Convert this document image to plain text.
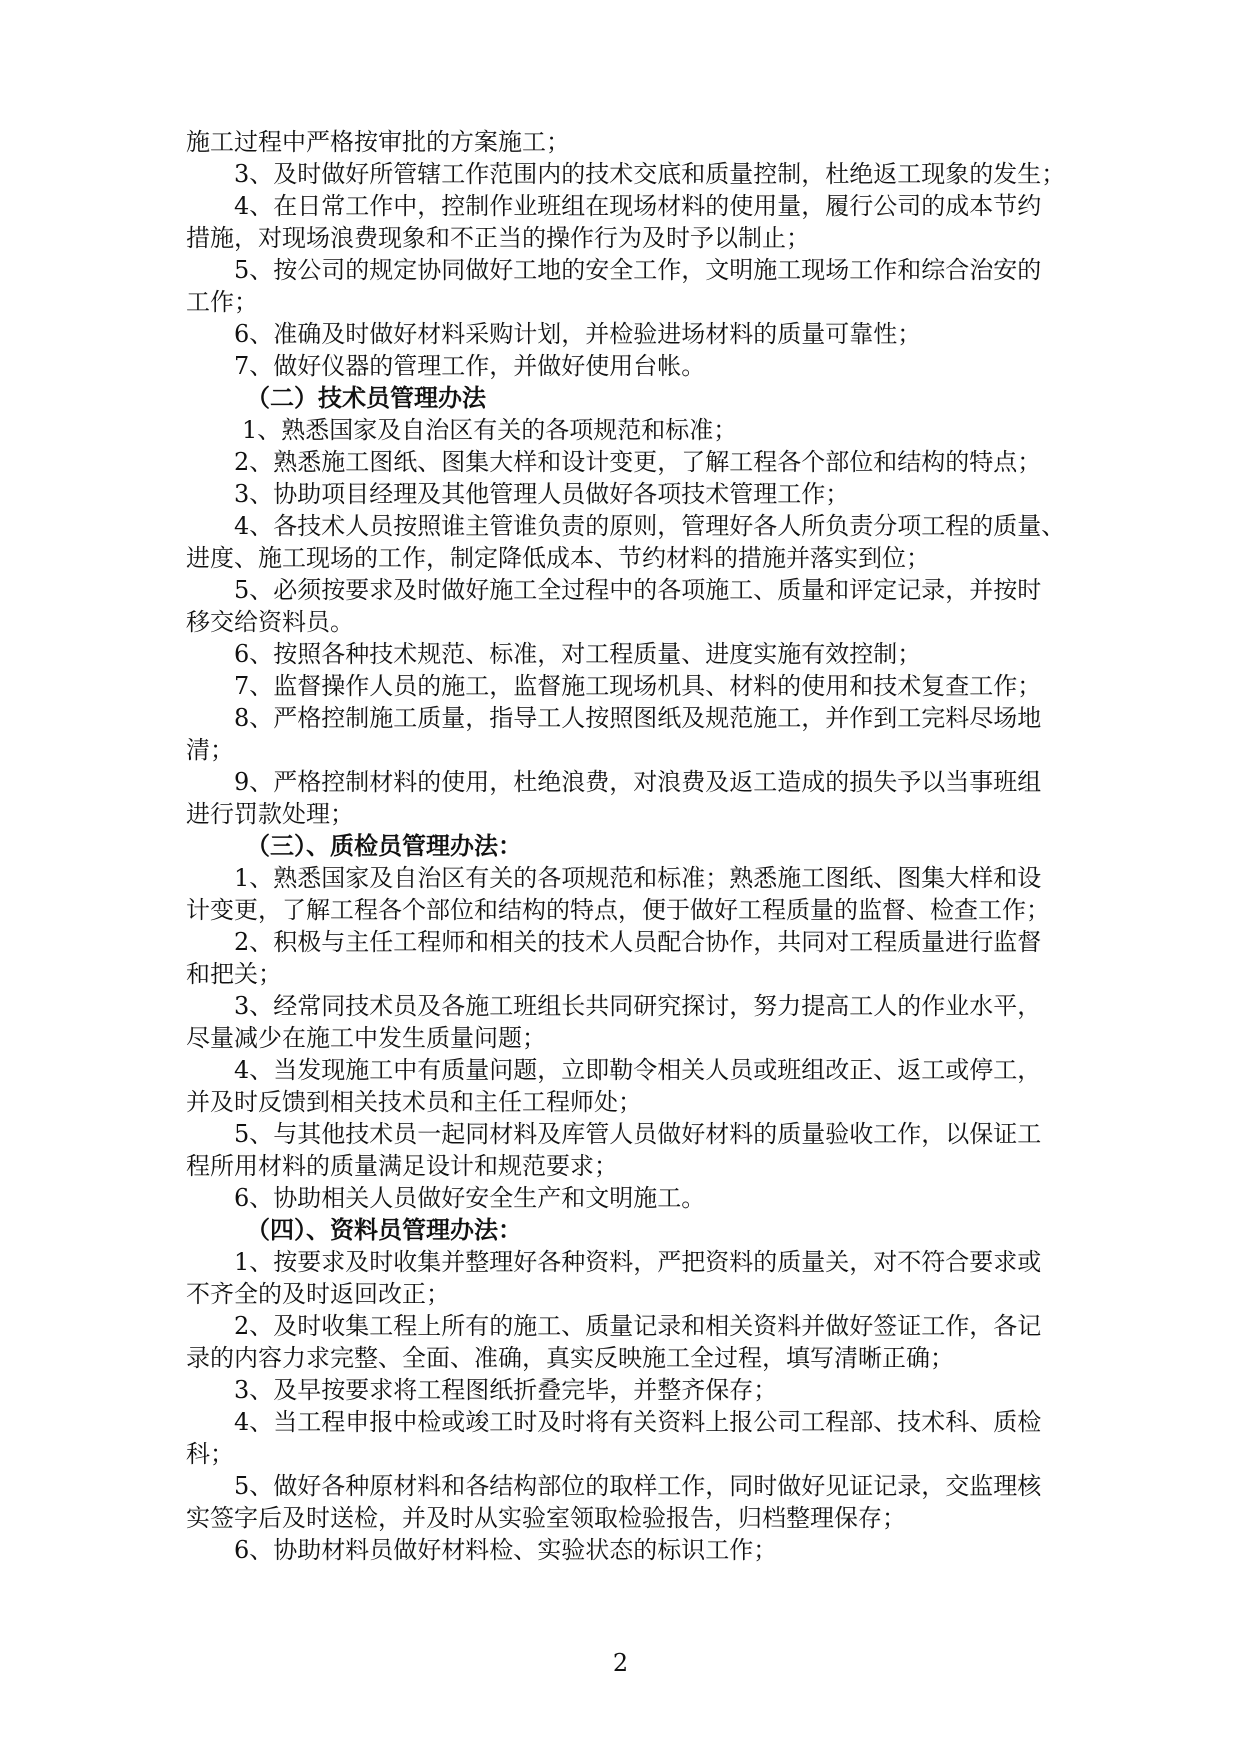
施工过程中严格按审批的方案施工；
3、及时做好所管辖工作范围内的技术交底和质量控制，杜绝返工现象的发生；
4、在日常工作中，控制作业班组在现场材料的使用量，履行公司的成本节约
措施，对现场浪费现象和不正当的操作行为及时予以制止；
5、按公司的规定协同做好工地的安全工作，文明施工现场工作和综合治安的
工作；
6、准确及时做好材料采购计划，并检验进场材料的质量可靠性；
7、做好仪器的管理工作，并做好使用台帐。
（二）技术员管理办法
1、熟悉国家及自治区有关的各项规范和标准；
2、熟悉施工图纸、图集大样和设计变更，了解工程各个部位和结构的特点；
3、协助项目经理及其他管理人员做好各项技术管理工作；
4、各技术人员按照谁主管谁负责的原则，管理好各人所负责分项工程的质量、
进度、施工现场的工作，制定降低成本、节约材料的措施并落实到位；
5、必须按要求及时做好施工全过程中的各项施工、质量和评定记录，并按时
移交给资料员。
6、按照各种技术规范、标准，对工程质量、进度实施有效控制；
7、监督操作人员的施工，监督施工现场机具、材料的使用和技术复查工作；
8、严格控制施工质量，指导工人按照图纸及规范施工，并作到工完料尽场地
清；
9、严格控制材料的使用，杜绝浪费，对浪费及返工造成的损失予以当事班组
进行罚款处理；
（三）、质检员管理办法：
1、熟悉国家及自治区有关的各项规范和标准；熟悉施工图纸、图集大样和设
计变更，了解工程各个部位和结构的特点，便于做好工程质量的监督、检查工作；
2、积极与主任工程师和相关的技术人员配合协作，共同对工程质量进行监督
和把关；
3、经常同技术员及各施工班组长共同研究探讨，努力提高工人的作业水平，
尽量减少在施工中发生质量问题；
4、当发现施工中有质量问题，立即勒令相关人员或班组改正、返工或停工，
并及时反馈到相关技术员和主任工程师处；
5、与其他技术员一起同材料及库管人员做好材料的质量验收工作，以保证工
程所用材料的质量满足设计和规范要求；
6、协助相关人员做好安全生产和文明施工。
（四）、资料员管理办法：
1、按要求及时收集并整理好各种资料，严把资料的质量关，对不符合要求或
不齐全的及时返回改正；
2、及时收集工程上所有的施工、质量记录和相关资料并做好签证工作，各记
录的内容力求完整、全面、准确，真实反映施工全过程，填写清晰正确；
3、及早按要求将工程图纸折叠完毕，并整齐保存；
4、当工程申报中检或竣工时及时将有关资料上报公司工程部、技术科、质检
科；
5、做好各种原材料和各结构部位的取样工作，同时做好见证记录，交监理核
实签字后及时送检，并及时从实验室领取检验报告，归档整理保存；
6、协助材料员做好材料检、实验状态的标识工作；
2
